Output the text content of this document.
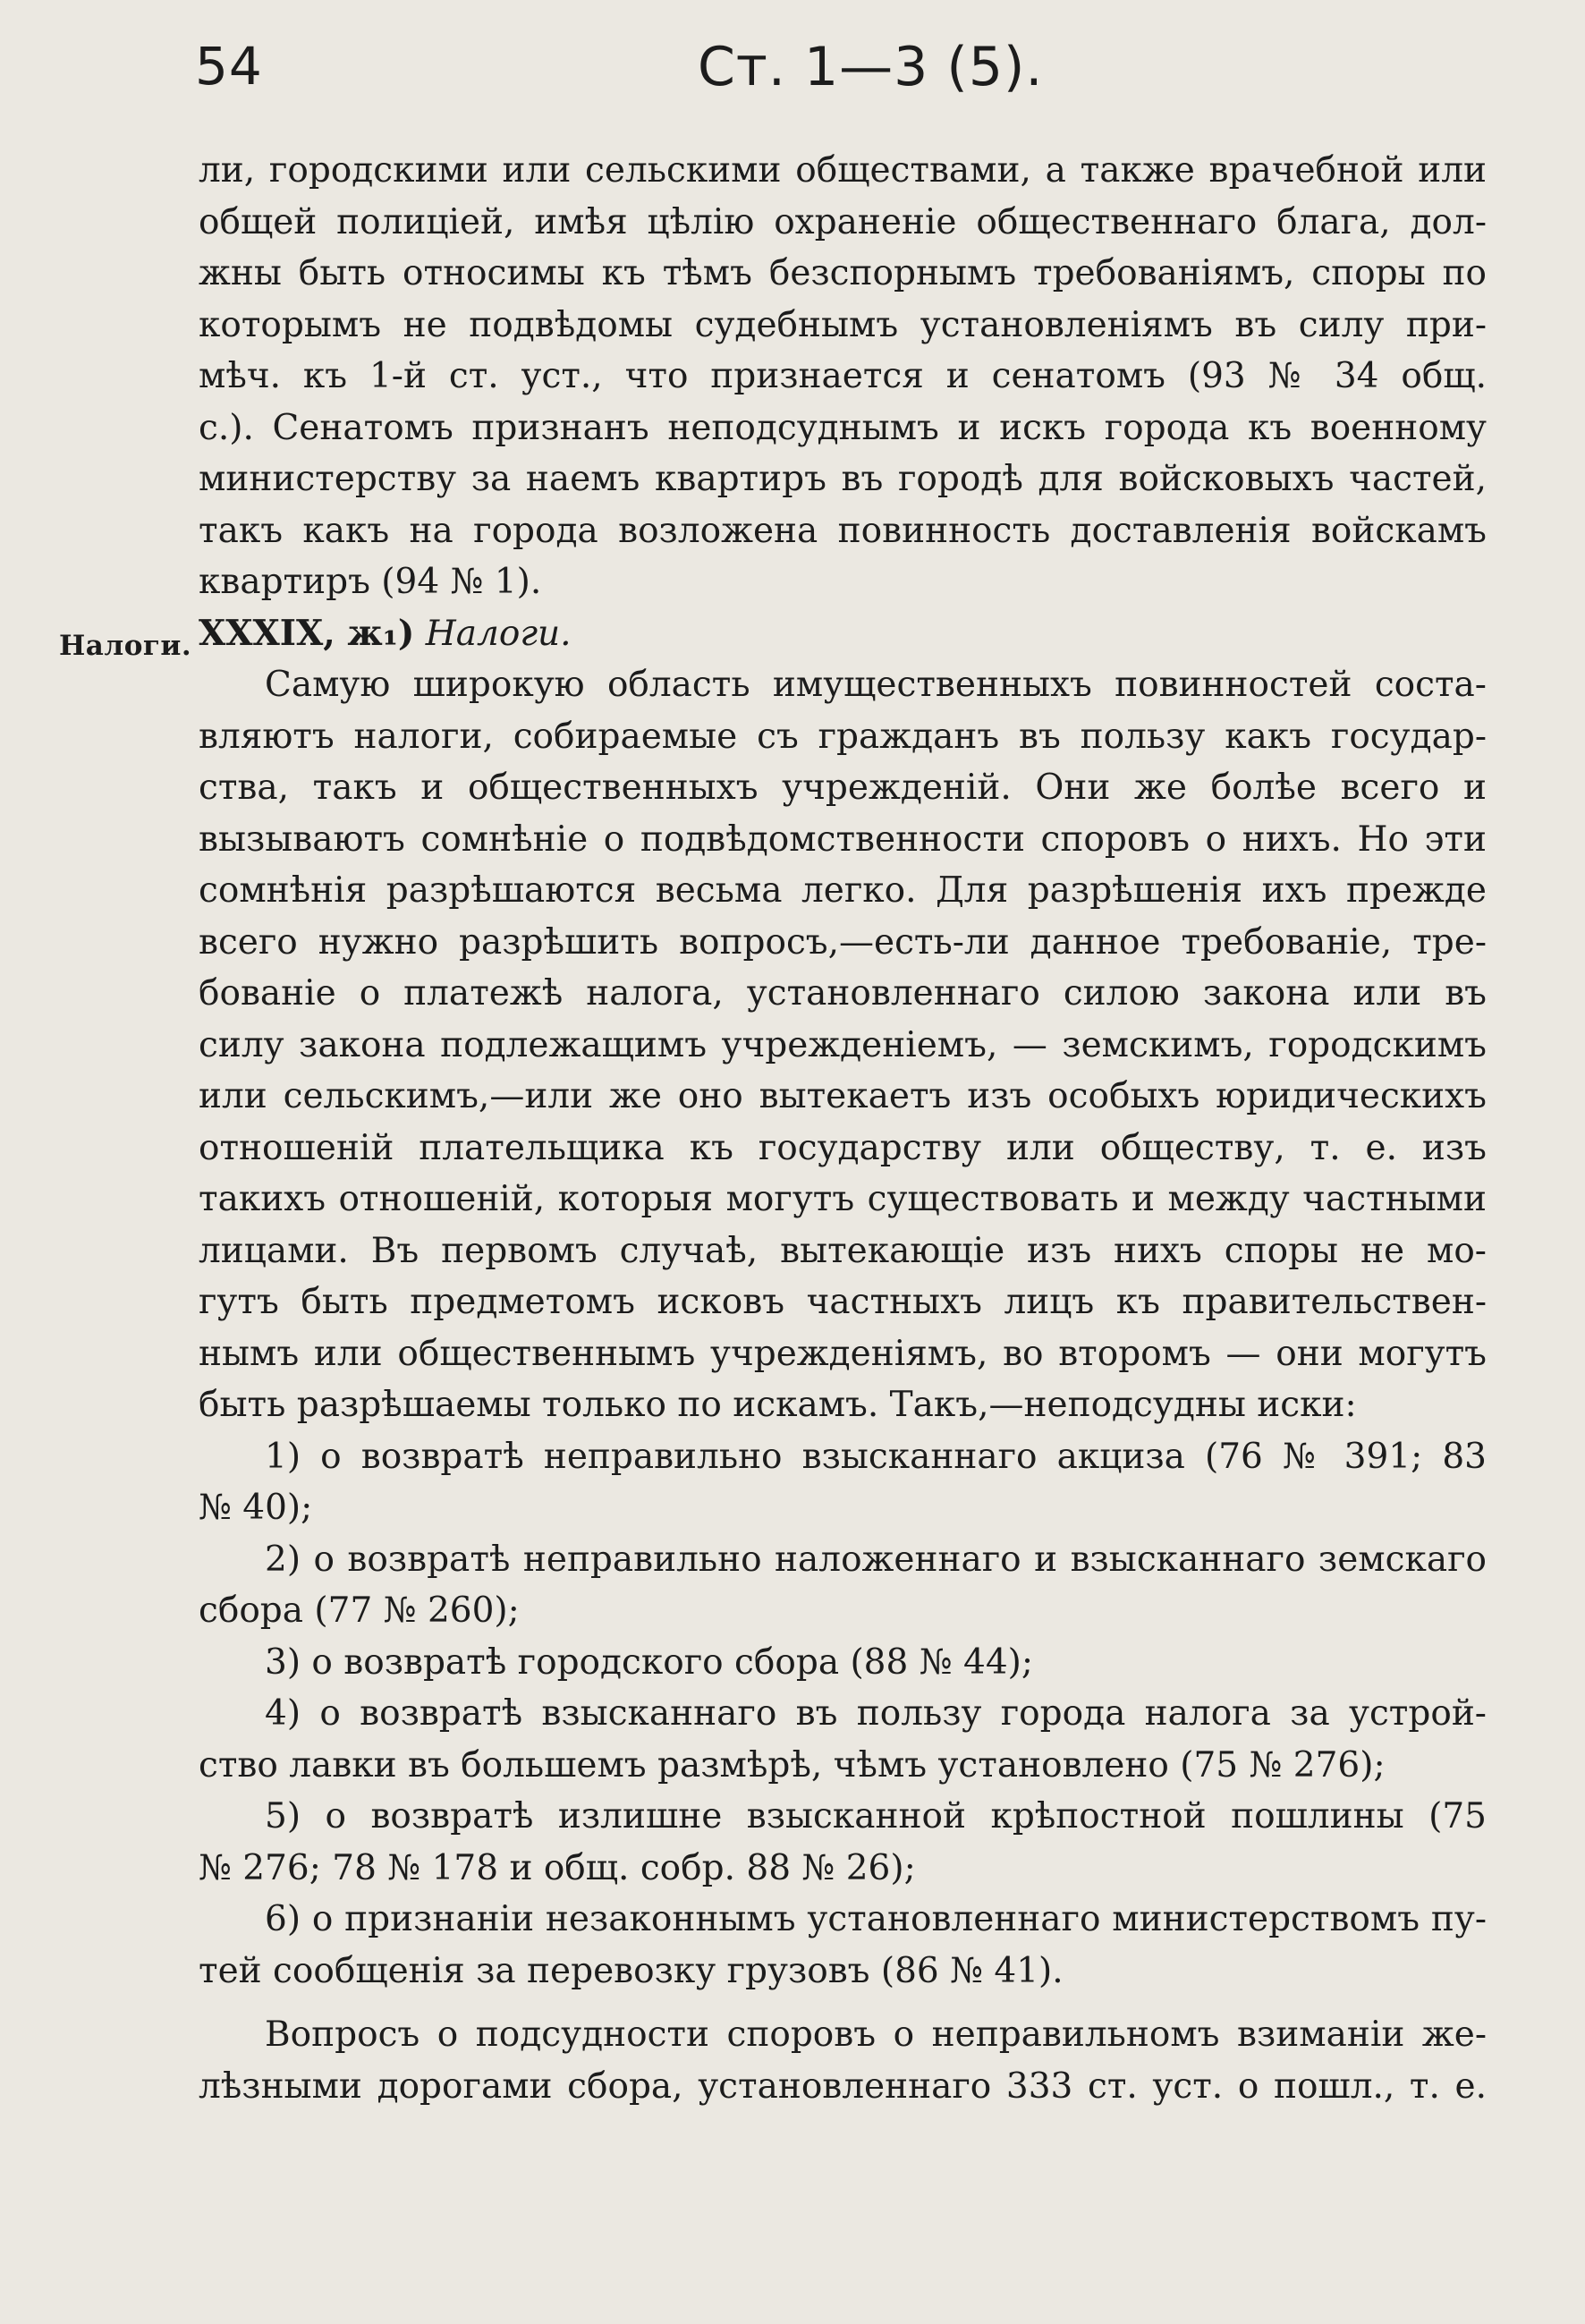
54	Ст. 1—3 (5).
Налоги.
ли, городскими или сельскими обществами, а также врачебной или
общей полиціей, имѣя цѣлію охраненіе общественнаго блага, дол-
жны быть относимы къ тѣмъ безспорнымъ требованіямъ, споры по
которымъ не подвѣдомы судебнымъ установленіямъ въ силу при-
мѣч. къ 1-й ст. уст., что признается и сенатомъ (93 № 34 общ.
с.). Сенатомъ признанъ неподсуднымъ и искъ города къ военному
министерству за наемъ квартиръ въ городѣ для войсковыхъ частей,
такъ какъ на города возложена повинность доставленія войскамъ
квартиръ (94 № 1).
XXXIX, ж₁) Налоги.
Самую широкую область имущественныхъ повинностей соста-
вляютъ налоги, собираемые съ гражданъ въ пользу какъ государ-
ства, такъ и общественныхъ учрежденій. Они же болѣе всего и
вызываютъ сомнѣніе о подвѣдомственности споровъ о нихъ. Но эти
сомнѣнія разрѣшаются весьма легко. Для разрѣшенія ихъ прежде
всего нужно разрѣшить вопросъ,—есть-ли данное требованіе, тре-
бованіе о платежѣ налога, установленнаго силою закона или въ
силу закона подлежащимъ учрежденіемъ, — земскимъ, городскимъ
или сельскимъ,—или же оно вытекаетъ изъ особыхъ юридическихъ
отношеній плательщика къ государству или обществу, т. е. изъ
такихъ отношеній, которыя могутъ существовать и между частными
лицами. Въ первомъ случаѣ, вытекающіе изъ нихъ споры не мо-
гутъ быть предметомъ исковъ частныхъ лицъ къ правительствен-
нымъ или общественнымъ учрежденіямъ, во второмъ — они могутъ
быть разрѣшаемы только по искамъ. Такъ,—неподсудны иски:
1) о возвратѣ неправильно взысканнаго акциза (76 № 391; 83
№ 40);
2) о возвратѣ неправильно наложеннаго и взысканнаго земскаго
сбора (77 № 260);
3) о возвратѣ городского сбора (88 № 44);
4) о возвратѣ взысканнаго въ пользу города налога за устрой-
ство лавки въ большемъ размѣрѣ, чѣмъ установлено (75 № 276);
5) о возвратѣ излишне взысканной крѣпостной пошлины (75
№ 276; 78 № 178 и общ. собр. 88 № 26);
6) о признаніи незаконнымъ установленнаго министерствомъ пу-
тей сообщенія за перевозку грузовъ (86 № 41).
Вопросъ о подсудности споровъ о неправильномъ взиманіи же-
лѣзными дорогами сбора, установленнаго 333 ст. уст. о пошл., т. е.
